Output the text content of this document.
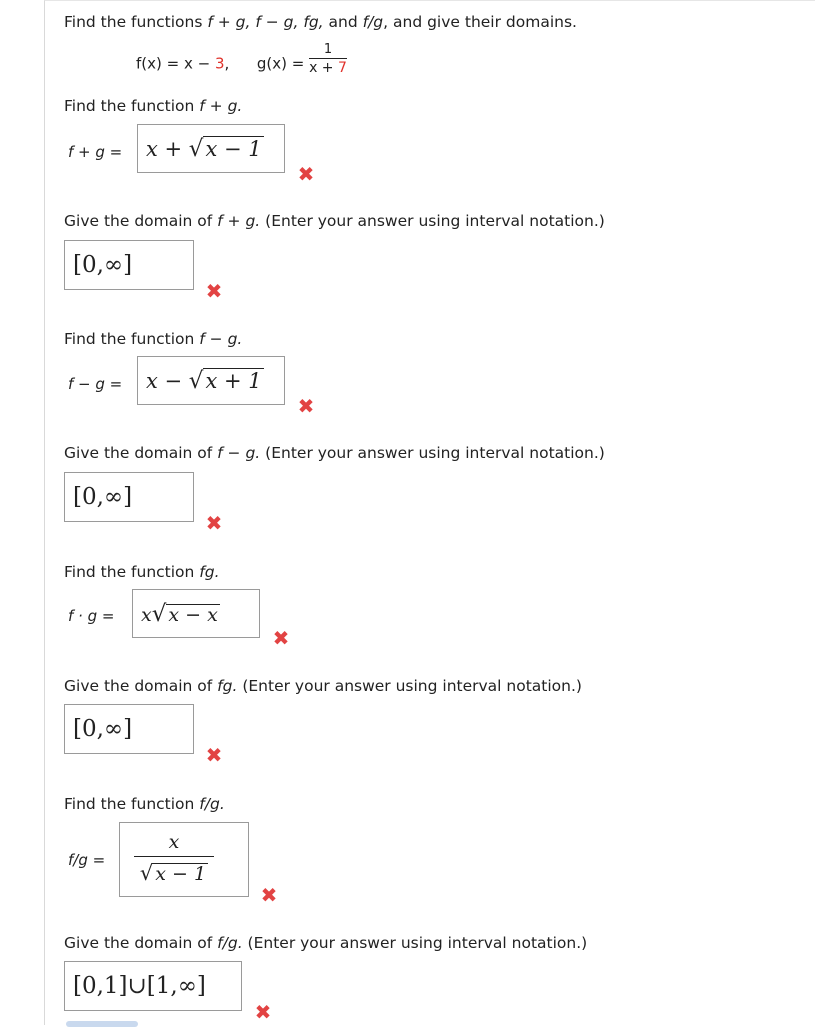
Find the functions f + g, f − g, fg, and f/g, and give their domains.
f(x) = x − 3, $g(x) = \frac{1}{x + 7}$
Find the function f + g.
f + g = x + √x − 1
✖
Give the domain of f + g. (Enter your answer using interval notation.)
[0,∞]
✖
Find the function f − g.
f − g = x − √x + 1
✖
Give the domain of f − g. (Enter your answer using interval notation.)
[0,∞]
✖
Find the function fg.
f · g = x√ x − x
✖
Give the domain of fg. (Enter your answer using interval notation.)
[0,∞]
✖
Find the function f/g.
f/g =
x
√ x − 1
✖
Give the domain of f/g. (Enter your answer using interval notation.)
[0,1]∪[1,∞]
✖
